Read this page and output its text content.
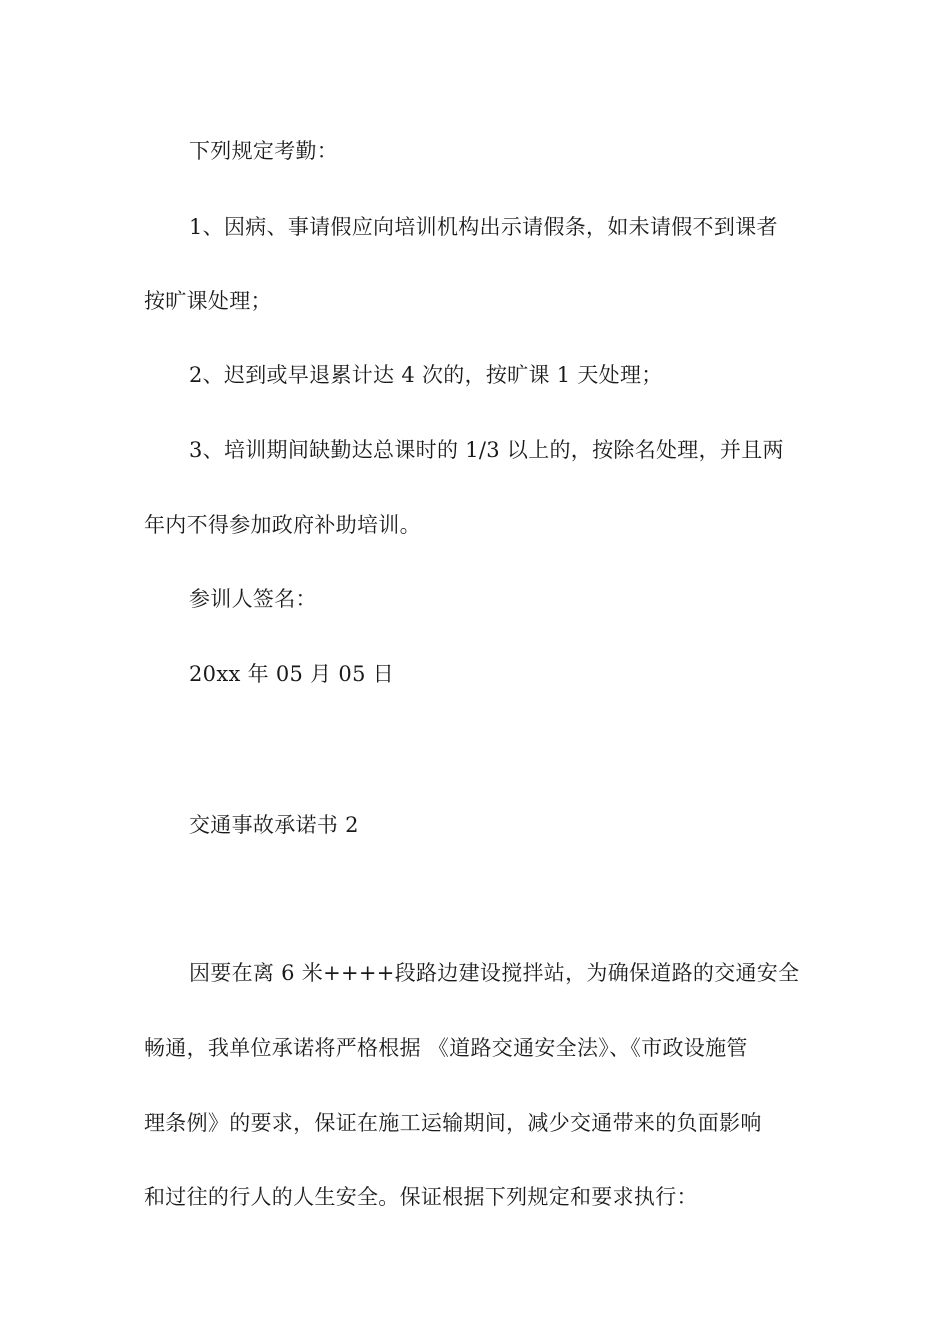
下列规定考勤：
1、因病、事请假应向培训机构出示请假条，如未请假不到课者
按旷课处理；
2、迟到或早退累计达 4 次的，按旷课 1 天处理；
3、培训期间缺勤达总课时的 1/3 以上的，按除名处理，并且两
年内不得参加政府补助培训。
参训人签名：
20xx 年 05 月 05 日
交通事故承诺书 2
因要在离 6 米++++段路边建设搅拌站，为确保道路的交通安全
畅通，我单位承诺将严格根据 《道路交通安全法》、《市政设施管
理条例》的要求，保证在施工运输期间，减少交通带来的负面影响
和过往的行人的人生安全。保证根据下列规定和要求执行：
